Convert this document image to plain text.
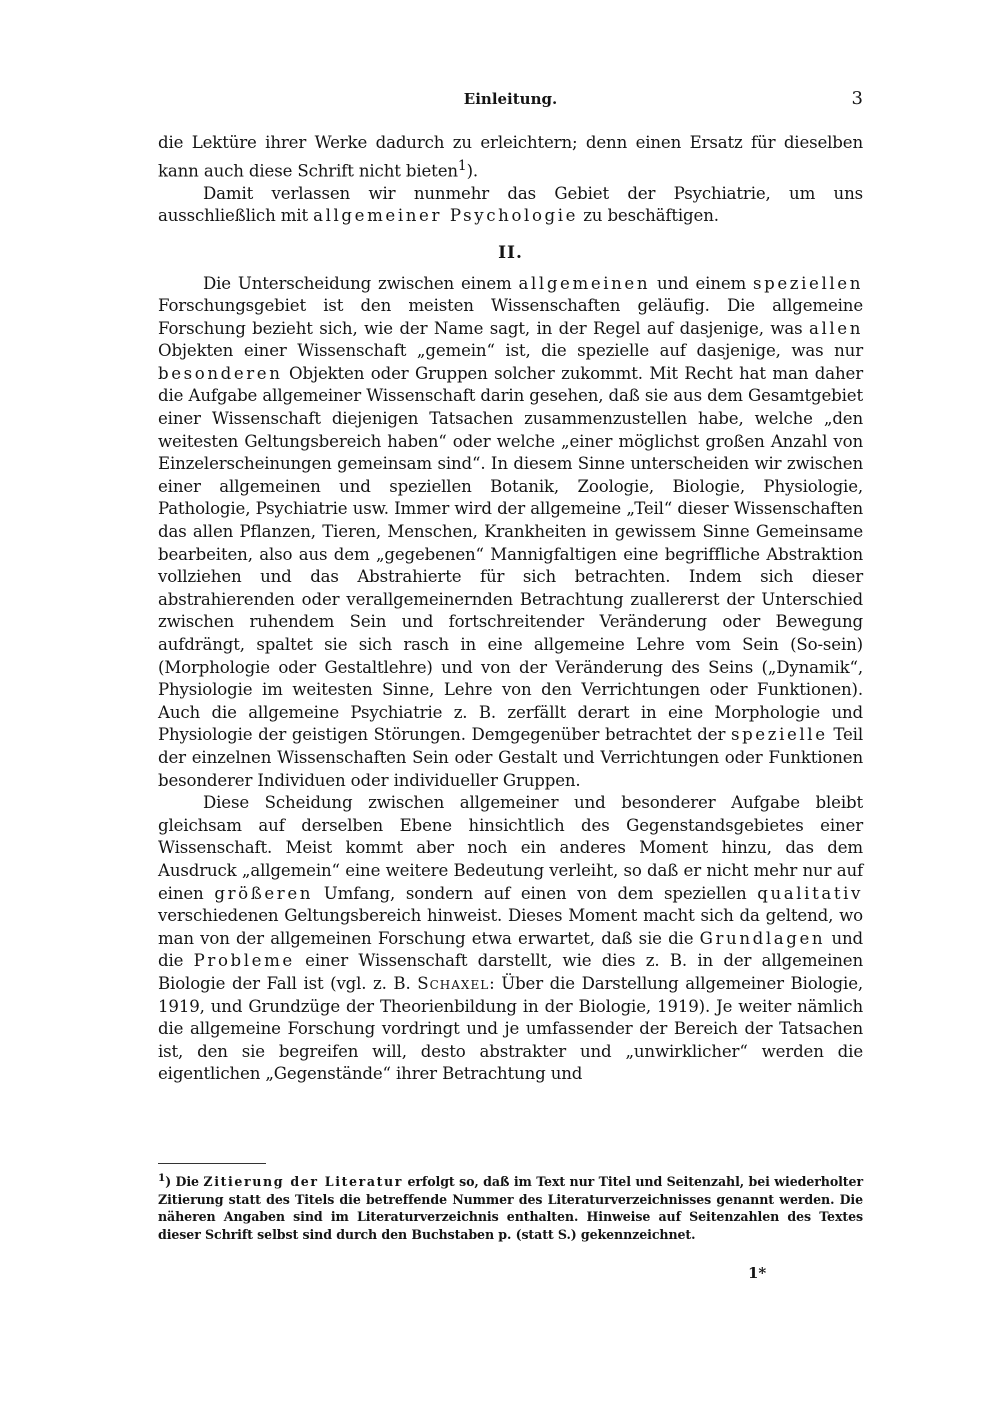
Einleitung.	3

die Lektüre ihrer Werke dadurch zu erleichtern; denn einen Ersatz für dieselben kann auch diese Schrift nicht bieten$^1$).

Damit verlassen wir nunmehr das Gebiet der Psychiatrie, um uns ausschließlich mit allgemeiner Psychologie zu beschäftigen.

II.

Die Unterscheidung zwischen einem allgemeinen und einem speziellen Forschungsgebiet ist den meisten Wissenschaften geläufig. Die allgemeine Forschung bezieht sich, wie der Name sagt, in der Regel auf dasjenige, was allen Objekten einer Wissenschaft „gemein“ ist, die spezielle auf dasjenige, was nur besonderen Objekten oder Gruppen solcher zukommt. Mit Recht hat man daher die Aufgabe allgemeiner Wissenschaft darin gesehen, daß sie aus dem Gesamtgebiet einer Wissenschaft diejenigen Tatsachen zusammenzustellen habe, welche „den weitesten Geltungsbereich haben“ oder welche „einer möglichst großen Anzahl von Einzelerscheinungen gemeinsam sind“. In diesem Sinne unterscheiden wir zwischen einer allgemeinen und speziellen Botanik, Zoologie, Biologie, Physiologie, Pathologie, Psychiatrie usw. Immer wird der allgemeine „Teil“ dieser Wissenschaften das allen Pflanzen, Tieren, Menschen, Krankheiten in gewissem Sinne Gemeinsame bearbeiten, also aus dem „gegebenen“ Mannigfaltigen eine begriffliche Abstraktion vollziehen und das Abstrahierte für sich betrachten. Indem sich dieser abstrahierenden oder verallgemeinernden Betrachtung zuallererst der Unterschied zwischen ruhendem Sein und fortschreitender Veränderung oder Bewegung aufdrängt, spaltet sie sich rasch in eine allgemeine Lehre vom Sein (So-sein) (Morphologie oder Gestaltlehre) und von der Veränderung des Seins („Dynamik“, Physiologie im weitesten Sinne, Lehre von den Verrichtungen oder Funktionen). Auch die allgemeine Psychiatrie z. B. zerfällt derart in eine Morphologie und Physiologie der geistigen Störungen. Demgegenüber betrachtet der spezielle Teil der einzelnen Wissenschaften Sein oder Gestalt und Verrichtungen oder Funktionen besonderer Individuen oder individueller Gruppen.

Diese Scheidung zwischen allgemeiner und besonderer Aufgabe bleibt gleichsam auf derselben Ebene hinsichtlich des Gegenstandsgebietes einer Wissenschaft. Meist kommt aber noch ein anderes Moment hinzu, das dem Ausdruck „allgemein“ eine weitere Bedeutung verleiht, so daß er nicht mehr nur auf einen größeren Umfang, sondern auf einen von dem speziellen qualitativ verschiedenen Geltungsbereich hinweist. Dieses Moment macht sich da geltend, wo man von der allgemeinen Forschung etwa erwartet, daß sie die Grundlagen und die Probleme einer Wissenschaft darstellt, wie dies z. B. in der allgemeinen Biologie der Fall ist (vgl. z. B. Schaxel: Über die Darstellung allgemeiner Biologie, 1919, und Grundzüge der Theorienbildung in der Biologie, 1919). Je weiter nämlich die allgemeine Forschung vordringt und je umfassender der Bereich der Tatsachen ist, den sie begreifen will, desto abstrakter und „unwirklicher“ werden die eigentlichen „Gegenstände“ ihrer Betrachtung und

$^1$) Die Zitierung der Literatur erfolgt so, daß im Text nur Titel und Seitenzahl, bei wiederholter Zitierung statt des Titels die betreffende Nummer des Literaturverzeichnisses genannt werden. Die näheren Angaben sind im Literaturverzeichnis enthalten. Hinweise auf Seitenzahlen des Textes dieser Schrift selbst sind durch den Buchstaben p. (statt S.) gekennzeichnet.
1*
